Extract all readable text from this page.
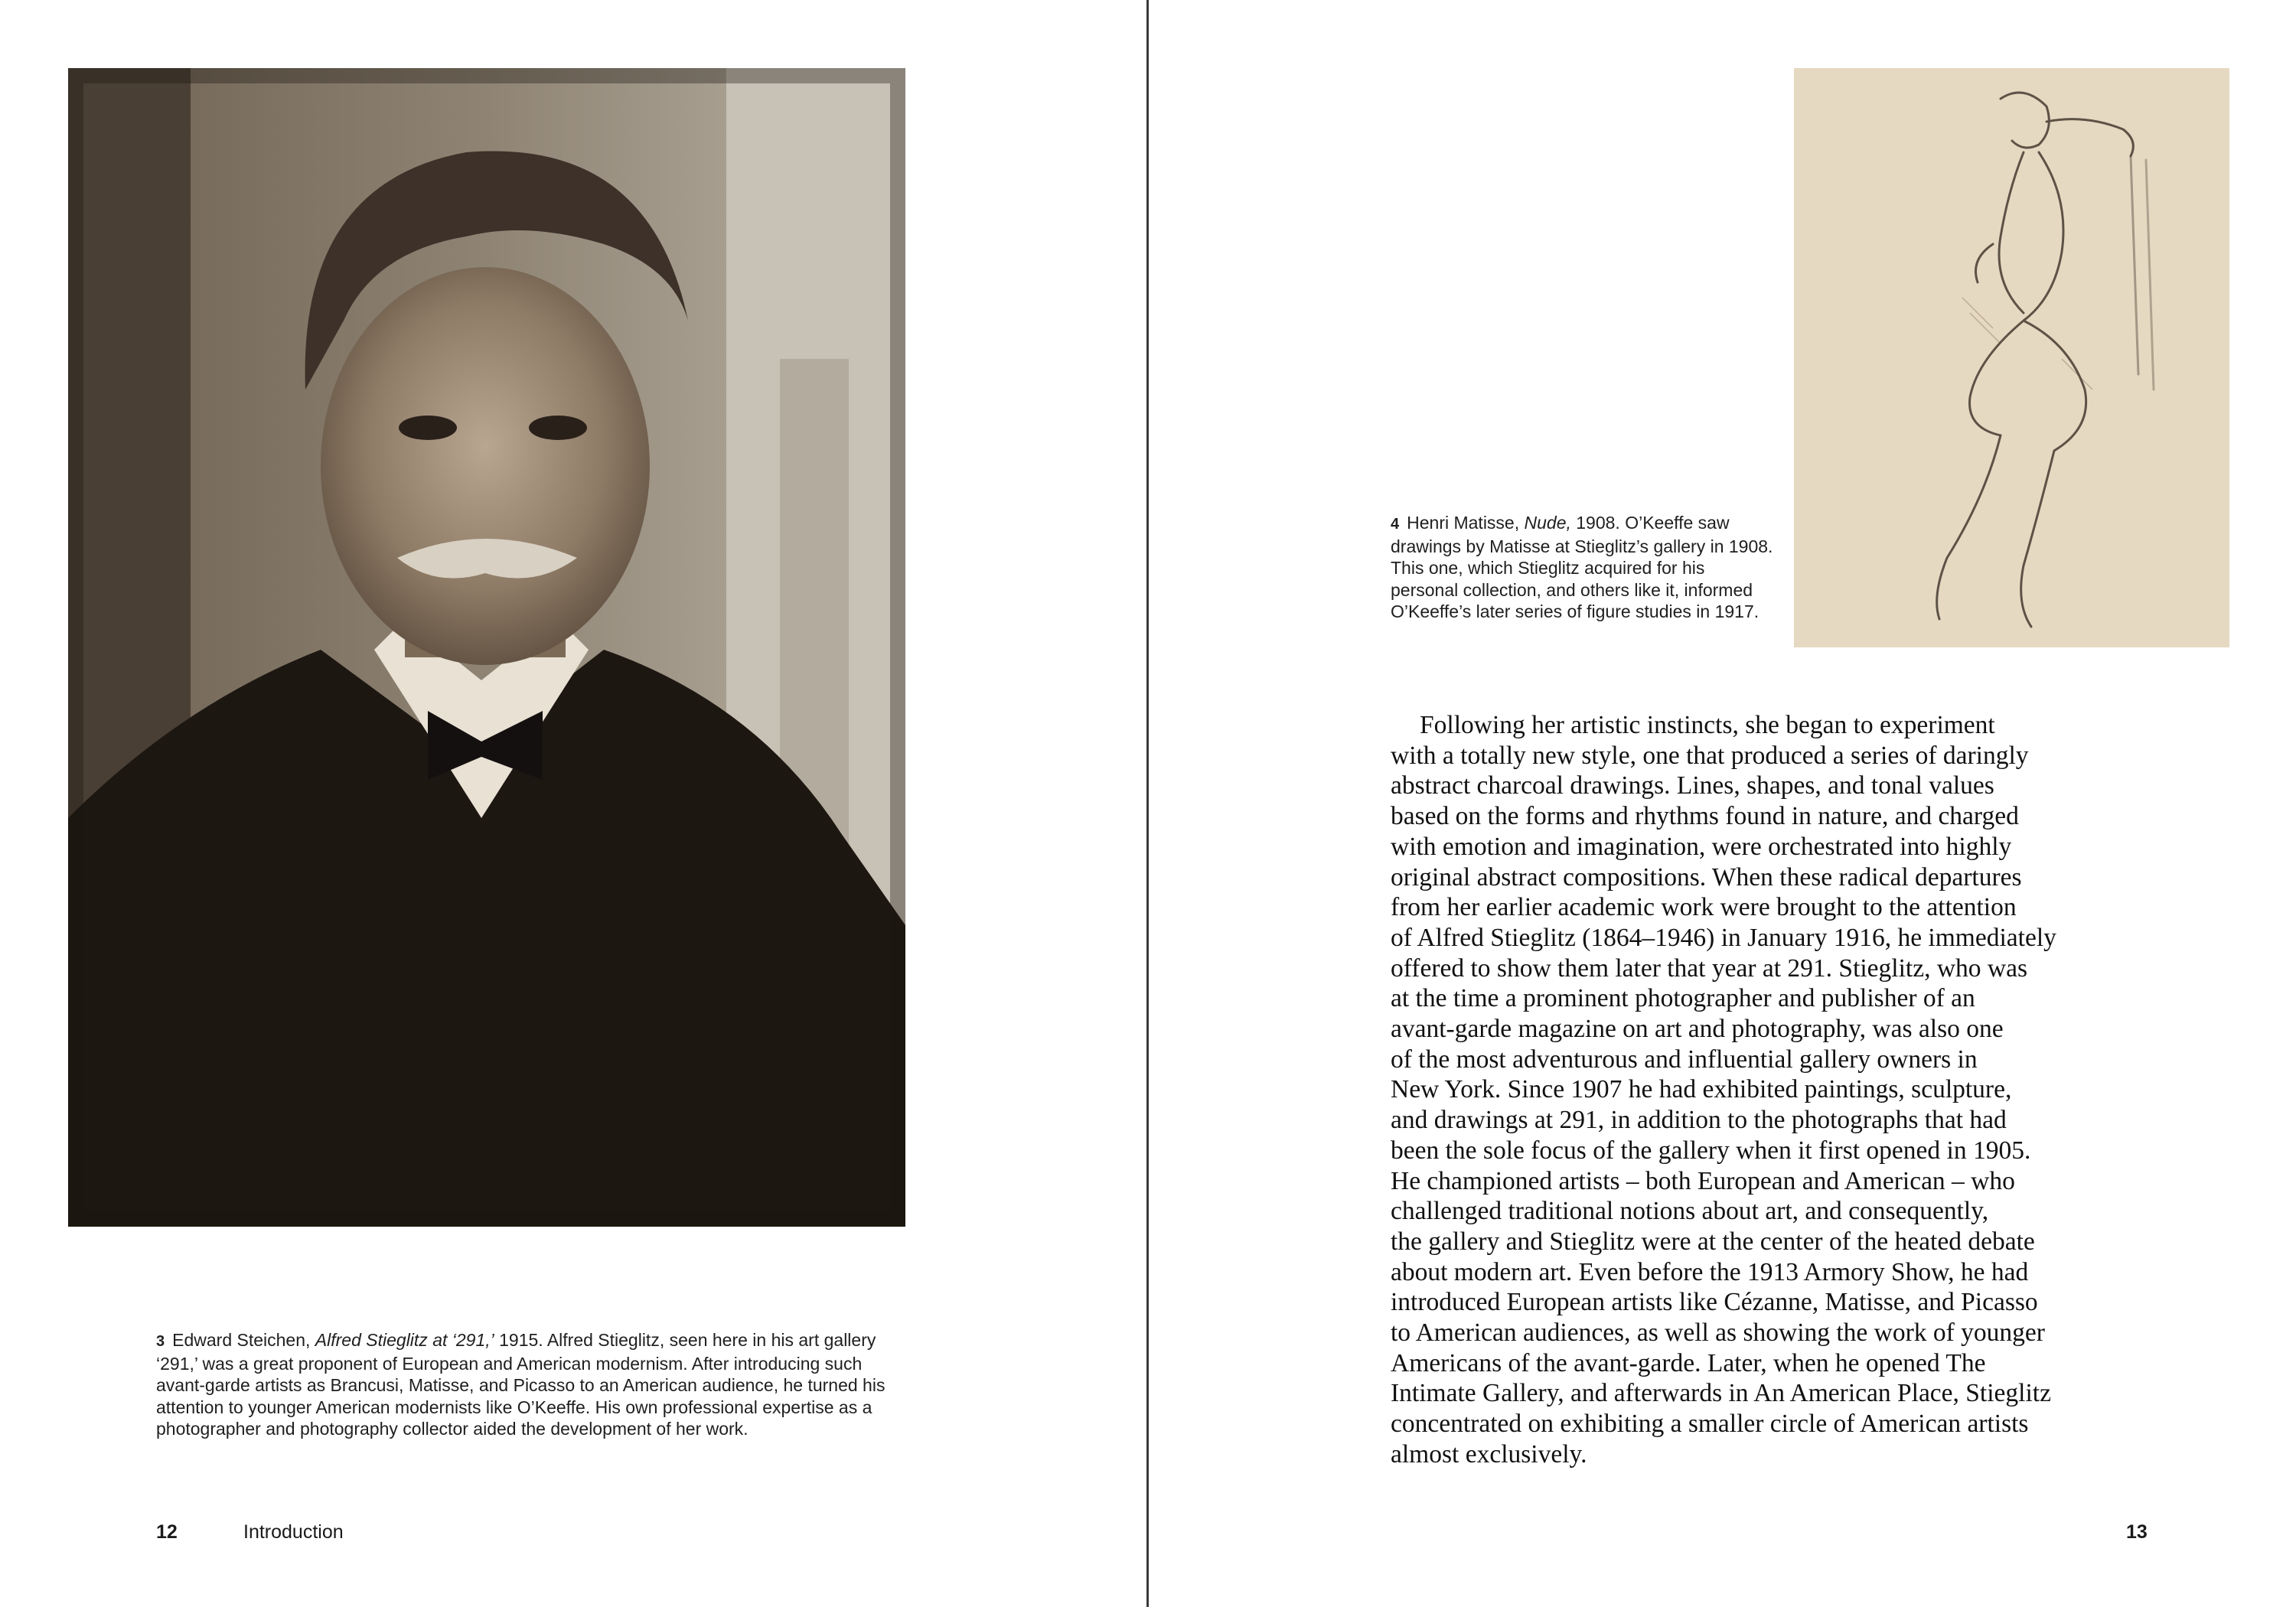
3 Edward Steichen, Alfred Stieglitz at ‘291,’ 1915. Alfred Stieglitz, seen here in his art gallery ‘291,’ was a great proponent of European and American modernism. After introducing such avant-garde artists as Brancusi, Matisse, and Picasso to an American audience, he turned his attention to younger American modernists like O’Keeffe. His own professional expertise as a photographer and photography collector aided the development of her work.
12	Introduction
4 Henri Matisse, Nude, 1908. O’Keeffe saw drawings by Matisse at Stieglitz’s gallery in 1908. This one, which Stieglitz acquired for his personal collection, and others like it, informed O’Keeffe’s later series of figure studies in 1917.

Following her artistic instincts, she began to experiment
with a totally new style, one that produced a series of daringly
abstract charcoal drawings. Lines, shapes, and tonal values
based on the forms and rhythms found in nature, and charged
with emotion and imagination, were orchestrated into highly
original abstract compositions. When these radical departures
from her earlier academic work were brought to the attention
of Alfred Stieglitz (1864–1946) in January 1916, he immediately
offered to show them later that year at 291. Stieglitz, who was
at the time a prominent photographer and publisher of an
avant-garde magazine on art and photography, was also one
of the most adventurous and influential gallery owners in
New York. Since 1907 he had exhibited paintings, sculpture,
and drawings at 291, in addition to the photographs that had
been the sole focus of the gallery when it first opened in 1905.
He championed artists – both European and American – who
challenged traditional notions about art, and consequently,
the gallery and Stieglitz were at the center of the heated debate
about modern art. Even before the 1913 Armory Show, he had
introduced European artists like Cézanne, Matisse, and Picasso
to American audiences, as well as showing the work of younger
Americans of the avant-garde. Later, when he opened The
Intimate Gallery, and afterwards in An American Place, Stieglitz
concentrated on exhibiting a smaller circle of American artists
almost exclusively.

13
